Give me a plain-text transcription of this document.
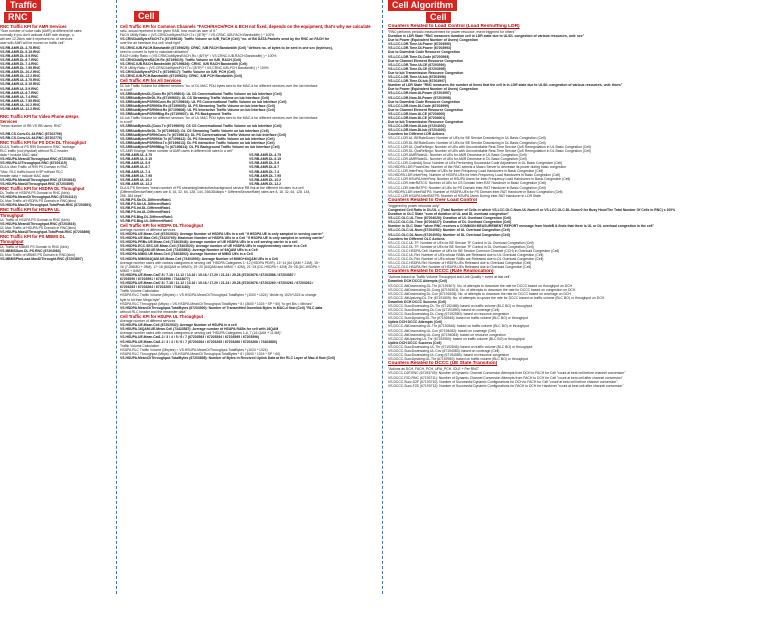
Traffic
RNC	Cell
Cell Algorithm
Cell
RNC Traffic KPI for AMR Services
"Sum number of voice calls (AMR) at different bit rates
normally if you don't activate AMR rate change, u
will see 12.2kb/s rate it represent no. of services
user with AMR will be moved on traffic cell"
VS.RB.AMR.DL.4.75.RNC
VS.RB.AMR.DL.5.15.RNC
VS.RB.AMR.DL.5.9.RNC
VS.RB.AMR.DL.6.7.RNC
VS.RB.AMR.DL.7.4.RNC
VS.RB.AMR.DL.7.95.RNC
VS.RB.AMR.DL.10.2.RNC
VS.RB.AMR.DL.12.2.RNC
VS.RB.AMR.UL.4.75.RNC
VS.RB.AMR.UL.5.15.RNC
VS.RB.AMR.UL.5.9.RNC
VS.RB.AMR.UL.6.7.RNC
VS.RB.AMR.UL.7.4.RNC
VS.RB.AMR.UL.7.95.RNC
VS.RB.AMR.UL.10.2.RNC
VS.RB.AMR.UL.12.2.RNC
RNC Traffic KPI for Video Phone &Hsps
Services
"mean number of RB VS.RB users: RNC"
VS.RB.CS.Conv.DL.64.RNC (67202796)
VS.RB.CS.Conv.UL.64.RNC (67202776)
RNC Traffic KPI for PS DCH DL Throughput
DL/UL Traffic of PS R99 Domain in RNC "average
RLC traffic (not physical) without RLC header
data + include MAC data"
VS.HSUPA.MeanUlThroughput.RNC (67203616)
VS.HSUPA.UlThroughput.RNC (67204115)
DL/UL Max Traffic of R99 PS Domain in RNC
"Max. RLC traffic found in 9P without RLC
header data + include MAC data"
VS.HSUPA.MeanUlThroughput.RNC (67203616)
VS.HSUPA.MaxUlThroughput.RNC (67203895)
RNC Traffic KPI for HSDPA DL Throughput
DL Traffic of HSDPA PS Domain in RNC (kb/s)
VS.HSDPA.MeanChThroughput.RNC (67204112)
DL Max Traffic of HSDPA PS Domain in RNC(kb/s)
VS.HSDPA.MaxChThroughput.TotalPeak.RNC (67203891)
RNC Traffic KPI for HSUPA UL
Throughput
UL Traffic of HSUPA PS Domain in RNC (kb/s)
VS.HSUPA.MeanUlThroughput.RNC (67203616)
UL Max Traffic of HSUPA PS Domain in RNC(kb/s)
VS.HSUPA.MaxUlThroughput.TotalPeak.RNC (67203896)
RNC Traffic KPI for PS MBMS DL
Throughput
DL Traffic of MBMS PS Domain in RNC (kb/s)
VS.MBMSSum.DL.PS.RNC (67204063)
DL Max Traffic of MBMS PS Domain in RNC(kb/s)
VS.MBMSPtmLoad.MaxDlThrought.RNC (67203897)
Cell Traffic KPI for Common Channels "FACH/RACH/PCH & BCH not fixed, depends on the equipment, that's why we calculate
ratio, actual represent in the given RAB, how much as user of it."
FACH Utility Ratio = (VS.CRNCIubBytesFACH.Tx / (8/Tf)*" / VS.CRNC.IUB.FACH.Bandwidth) ) * 100%
VS.CRNCIubBytesFACH.Tx (67199618): Traffic Volume on IUB_FACH (Cell) "no. of Bit DATA Packets send by the RNC on FACH for
over the air interface in a cell, shall right"
VS.CRNC.IUB.FACH.Bandwidth (67199625): CRNC_IUB FACH Bandwidth (Cell) "defines no. of bytes to be sent in one sec (byte/sec),
need to convert to byte to calculate utilization"
RACH Utility Ratio = (VS.CRNCIubBytesRACH.Rx / (8/Tf)*" / VS.CRNC.IUB.RACH.Bandwidth) ) * 100%
VS.CRNCIubBytesRACH.Rx (67199619): Traffic Volume on IUB_RACH (Cell)
VS.CRNC.IUB.RACH.Bandwidth (67199626): CRNC_IUB RACH Bandwidth (Cell)
PCH Utility Ratio = (VS.CRNCIubBytesPCH.Tx / (8/Tf)*" / VS.CRNC.IUB.PCH.Bandwidth) ) * 100%
VS.CRNCIubBytesPCH.Tx (67199617): Traffic Volume on IUB_PCH (Cell)
VS.CRNC.IUB.PCH.Bandwidth (67199624): CRNC_IUB PCH Bandwidth (Cell)
Cell Traffic KPI for All Services
DL Iub Traffic Volume for different services "no. of DL MAC PDU bytes sent to the MAC-d for different services over the Iub interface
in a cell"
VS.SRBIubBytesDL(Conv.Rx (67199601): UL CS Conversational Traffic Volume on Iub Interface (Cell)
VS.SRBIubBytesStrDL.Rx (67199602): UL CS Streaming Traffic Volume on Iub Interface (Cell)
VS.SRBIubBytesPSR99Conv.Rx (67199604): UL PS Conversational Traffic Volume on Iub Interface (Cell)
VS.SRBIubBytesPSR99Str.Rx (67199605): UL PS Streaming Traffic Volume on Iub Interface (Cell)
VS.SRBIubBytesPSR99Int.Rx (67199606): UL PS Interactive Traffic Volume on Iub Interface (Cell)
VS.SRBIubBytesPSR99Bkg.Rx (67199607): UL PS Background Traffic
UL Iub Traffic Volume for different services "no. of UL MAC PDU bytes sent to the MAC-d for different services over the Iub interface
in a cell"
VS.SRBIubBytesDL(Conv.Tx (67199609): CS CS Conversational Traffic Volume on Iub Interface (Cell)
VS.SRBIubBytesStrDL.Tx (67199610): DL CS Streaming Traffic Volume on Iub Interface (Cell)
VS.SRBIubBytesPSR99Conv.Tx (67199611): DL PS Conversational Traffic Volume on Iub Interface (Cell)
VS.SRBIubBytesPSR99Str.Tx (67199612): DL PS Streaming Traffic Volume on Iub Interface (Cell)
VS.SRBIubBytesPSR99Int.Tx (67199613): DL PS Interactive Traffic Volume on Iub Interface (Cell)
VS.SRBIubBytesPSR99Bkg.Tx (67199614): DL PS Background Traffic Volume on Iub Interface (Cell)
VS.AMR Erlangs "mean number of AMR users in different bit rates in a cell"
VS.RB.AMR.UL.4.75	VS.RB.AMR.DL.4.75
VS.RB.AMR.UL.5.15	VS.RB.AMR.DL.5.15
VS.RB.AMR.UL.5.9	VS.RB.AMR.DL.5.9
VS.RB.AMR.UL.6.7	VS.RB.AMR.DL.6.7
VS.RB.AMR.UL.7.4	VS.RB.AMR.DL.7.4
VS.RB.AMR.UL.7.95	VS.RB.AMR.DL.7.95
VS.RB.AMR.UL.10.2	VS.RB.AMR.DL.10.2
VS.RB.AMR.UL.12.2	VS.RB.AMR.DL.12.2
DL/UL PS Services "mean number of PS streaming/interactive/background service RB link at the different bit rates in a cell
(DifferentServiceRate) rates are 8, 16, 32, 64, 128, 144, 256/384kbps + DifferentServiceRate) rates are 8, 16, 32, 64, 128, 144,
256, 384 kbps"
VS.RB.PS.Str.DL.DifferentRate1
VS.RB.PS.Str.UL.DifferentRate1
VS.RB.PS.Int.DL.DifferentRate1
VS.RB.PS.Int.UL.DifferentRate1
VS.RB.PS.Bkg.DL.DifferentRate1
VS.RB.PS.Bkg.UL.DifferentRate1
Cell Traffic KPI for HSDPA DL Throughput
Average number of different services
VS.HSDPA.UE.Mean.Cell (67202932): Average Number of HSDPA UEs in a cell "if HSDPA UE is only sampled in serving carrier"
VS.HSDPA.UE.Max.Cell (73423769): Maximum Number of HSDPA UEs in a Cell "if HSDPA UE is only sampled in serving carrier"
VS.HSDPA.PRBs.UE.Mean.Cell (73403946): Average number of UE HSDPA UEs in a cell serving carrier in a cell
VS.HSDPA.ECC.SEC.UE.Mean.Cell (73403020): Average number of UE HSDPA UEs in supplementary carrier in a Cell
VS.HSDPA.64QAM.UE.Mean.Cell (73403981): Average Number of 64QAM UEs in a Cell
VS.HSDPA.MIMO.UE.Mean.Cell (73403892): Average Number of MIMO UEs in a Cell
VS.HSDPA.MIMO64QAM.UE.Mean.Cell (73403993): Average Number of MIMO+64QAM UEs in a Cell
Average number users with various categories in serving cell "HSDPA Categories 1~12 (HSDPA PE/IR), 13~14 (64 QAM + 21M), 15~
16 (7.2MIMO + 28M), 17~18 (64QAM or MIMO), 19~20 (64QAM and MIMO + 42M), 21~24 (DC-HSDPA + 42M) 25~28 (DC-HSDPA +
MIMO + 84M)"
VS.HSDPA.UE.Mean.Cat7.8 / 7.18 / 11.12 / 13.16 / 15.16 / 17.20 / 21.24 / 25.28 (67203676 / 67203586 / 67203587 /
67203590 / 67203591 / 67203596 / 73423677)
VS.HSDPA.UE.Mean.Cat7.8 / 7.18 / 11.12 / 13.16 / 15.16 / 17.20 / 21.24 / 25.28 (67203676 / 67203260 / 67203261 / 67203262 /
67203263 / 67203264 / 67203265 / 73401180)
Traffic Volume Calculation
HSDPA RLC Traffic Volume (Mbytes) = VS.HSDPA.MeanChThroughput.TotalBytes * (1000 * 1024) "divide by 1024*1024 to change
byte to bit then Mega byte"
HSDPA RLC Throughput (Mbps) = VS.HSDPA.MeanChThroughput.TotalBytes * 8 / (3600 * 1024 * SP * 60) "to get B/s = Mb/sec"
VS.HSDPA.MeanChThroughput.TotalBytes (67203900): Number of Transmitted Downlink Bytes in MAC-d flow (Cell) "RLC data
without RLC header and the retransfer data"
Cell Traffic KPI for HSUPA UL Throughput
Average number of different services
VS.HSUPA.UE.Mean.Cell (67202932): Average Number of HSUPA in a cell
VS.HSUPA.16QAM.UE.Mean.Cell (73423587): Average number of HSUPA RABs for cell with 16QAM
Average number users with various categories in serving cell "HSUPA Categories 1-6, 7 (16-QAM + 11.5M)"
VS.HSUPA.UE.Mean.Cat1.2 / 3 / 4 / 5 / 6 / 7 (67203593 / 67203594 / 67203595 / 67203596)
VS.HSUPA.UE.Mean.Cat1.2 / 3 / 4 / 5 / 6 / 7 (67203264 / 67203265 / 67203266 / 67203268 / 73403880)
Traffic Volume Calculation
HSUPA RLC Traffic Volume (Mbytes) = VS.HSUPA.MeanChThroughput.TotalBytes * (1024 * 1024)
HSUPA RLC Throughput (Mbps) = VS.HSUPA.MeanChThroughput.TotalBytes * 8 / (3600 * 1024 * SP * 60)
VS.HSUPA.MeanChThroughput.TotalBytes (67203898): Number of Bytes in Received Uplink Data at the RLC Layer of Mac-d flow (Cell)
Counters Related to Load Control (Load Reshuffling LDR)
"RNC performs periodic measurement for power resource, event triggered for others"
Duration in LDR State "RNC measures duration cell in LDR state due to UL/DL congestion of various resources, unit: sec"
Due to Power (Equivalent Number of Users) Congestion
VS.LCC.LDR.Time.ULPower (67203990)
VS.LCC.LDR.Time.DLPower (67203993)
Due to Downlink Code Resource Congestion
VS.LCC.LDR.Time.DLCode (67203993)
Due to Channel Element Resource Congestion
VS.LCC.LDR.Time.ULCE (67203994)
VS.LCC.LDR.Time.DLCE (67203995)
Due to Iub Transmission Resource Congestion
VS.LCC.LDR.Time.ULIub (67203996)
VS.LCC.LDR.Time.DLIub (67203997)
Number of LDR State "RNC measures the number of times that the cell is in LDR state due to UL/DL congestion of various resources, unit: times"
Due to Power (Equivalent Number of Users) Congestion
VS.LCC.LDR.Num.ULPower (67203997)
VS.LCC.LDR.Num.DLPower (67203998)
Due to Downlink Code Resource Congestion
VS.LCC.LDR.Num.DLCode (67203999)
Due to Channel Element Resource Congestion
VS.LCC.LDR.Num.ULCE (67204000)
VS.LCC.LDR.Num.DLCE (67204001)
Due to Iub Transmission Resource Congestion
VS.LCC.LDR.Num.ULIub (67204002)
VS.LCC.LDR.Num.DLIub (67204003)
Counters for Different LDR Actions
VS.LCC.LDR.UL.BERateDown: Number of UEs for BE Service Downsizing in UL Basic Congestion (Cell)
VS.LCC.LDR.DL.BERateDown: Number of UEs for BE Service Downsizing in DL Basic Congestion (Cell)
VS.LCC.LDR.UL.QosReNego: Number of UEs with Uncontrollable Real-Time Service QoS Renegotiation in UL Basic Congestion (Cell)
VS.LCC.LDR.DL.QosReNego: Number of UEs with Uncontrollable Real-Time Service QoS Renegotiation in DL Basic Congestion (Cell)
VS.LCC.LDR.AMRRateUL: Number of UEs for AMR Decrease in UL Basic Congestion (Cell)
VS.LCC.LDR.AMRRateDL: Number of UEs for AMR Decrease in DL Basic Congestion (Cell)
VS.LCC.LDR.CodeAdj.Succ: Number of UEs Performing Successful Code Adjustment in DL Basic Congestion (Cell)
VS.HSDPA.LDR.PowerDec: Number of the RNC selects a Macro Server to decrease its power during basic congestion
VS.LCC.LDR.InterFreq: Number of UEs for Inter-Frequency Load Handovers in Basic Congestion (Cell)
VS.HSDPA.LDR.InterFreq: Number of HSDPA UEs for Inter-Frequency Load Handovers in Basic Congestion (Cell)
VS.LCC.LDR.HSUPA.InterFreq: Number of HSUPA Users for Inter-Frequency Load Handovers in Basic Congestion (Cell)
VS.LCC.LDR.InterRATCS: Number of UEs for CS Domain Inter-RAT Handover in Basic Congestion (Cell)
VS.LCC.LDR.InterRATPS: Number of UEs for PS Domain Inter-RAT Handover in Basic Congestion (Cell)
VS.HSDPA.LDR.InterRATPS: Number of HSDPA UEs for PS Domain Inter-RAT Handover in Basic Congestion (Cell)
VS.LCC.LDR.HSUPA.InterRATPS: Number of HSUPA Users During Inter-RAT Handover in LDR State
Counters Related to Over Load Control
"triggered by power resource only"
Congested Cell Ratio in DL/UL = (Total Number of Cells in which VS.LCC.OLC.Num.UL.Num>0 or VS.LCC.OLC.DL.Num>0 for Busy Hour/The Total Number Of Cells in RNC) x 100%
Duration in OLC State "sum of duration of UL and DL overload congestion"
VS.LCC.OLC.UL.Time (67204026): Duration of UL Overload Congestion (Cell)
VS.LCC.OLC.DL.Time (67204027): Duration of DL Overload Congestion (Cell)
Number in OLC State "when RNC receives a COMMON MEASUREMENT REPORT message from NodeB & finds that there is UL or DL overload congestion in the cell"
VS.LCC.OLC.UL.Num (67204052): Number of UL Overload Congestion (Cell)
VS.LCC.OLC.DL.Num (67204053): Number of DL Overload Congestion (Cell)
Counters for Different OLC Actions
VS.LCC.OLC.UL.TF: Number of UEs for BE Service TF Control in UL Overload Congestion (Cell)
VS.LCC.OLC.DL.TF: Number of UEs for BE Service TF Control in DL Overload Congestion (Cell)
VS.LCC.OLC.HSDPA.Cell: Number of UEs for BE Service Common Channel (CCH) in Overload Congestion (Cell)
VS.LCC.OLC.UL.Rel: Number of UEs whose RABs are Released due to UL Overload Congestion (Cell)
VS.LCC.OLC.DL.Rel: Number of UEs whose RABs are Released due to DL Overload Congestion (Cell)
VS.LCC.OLC.HSDPA.Rel: Number of HSDPA UEs Released due to Overload Congestion (Cell)
VS.LCC.OLC.HSUPA.Rel: Number of HSUPA UEs Released due to Overload Congestion (Cell)
Counters Related to DCCC (Rate Reallocation)
"Actions based on Traffic Volume Throughput and Link Quality + event at last cell"
Downlink DCH DCCC Attempts (Cell)
VS.DCCC.AttDownsizing.DL.Thr (67191507): No. of attempts to downsize the rate for DCCC based on throughput on DCH
VS.DCCC.AttDownsizing.DL.Cong (67191501): No. of attempts to downsize the rate for DCCC based on congestion on DCH
VS.DCCC.AttDownsizing.DL.Cov (67191508): No. of attempts to downsize the rate for DCCC based on coverage on DCH
VS.DCCC.AttUpsizing.DL.Thr (67191509): No. of attempts to upsize the rate for DCCC based on traffic volume (BLC BO) or throughput on DCH
Downlink DCH DCCC Success (Cell)
VS.DCCC.SuccDownsizing.DL.Thr (67192486): based on traffic volume (BLC BO) or throughput
VS.DCCC.SuccDownsizing.DL.Cov (67191890): based on coverage (Cell)
VS.DCCC.SuccDownsizing.DL.Cong (67192950): based on resource congestion
VS.DCCC.SuccUpsizing.DL.Thr (67192846): based on traffic volume (BLC BO) or throughput
Uplink DCH DCCC Attempts (Cell)
VS.DCCC.AttDownsizing.UL.Thr (67192846): based on traffic volume (BLC BO) or throughput
VS.DCCC.AttDownsizing.UL.Cov (67194082): based on coverage (Cell)
VS.DCCC.AttDownsizing.UL.Cong (67194084): based on resource congestion
VS.DCCC.AttUpsizing.UL.Thr (67192950): based on traffic volume (BLC BO) or throughput
Uplink DCH DCCC Success (Cell)
VS.DCCC.SuccDownsizing.UL.Thr (67192846): based on traffic volume (BLC BO) or throughput
VS.DCCC.SuccDownsizing.UL.Cov (67194083): based on coverage (Cell)
VS.DCCC.SuccDownsizing.UL.Cong (67194085): based on resource congestion
VS.DCCC.SuccUpsizing.UL.Thr (67192950): based on traffic volume (BLC BO) or throughput
Counters Related to DCCC (UE State Transition)
"Actions as DCH, FACH, PCH, URA_PCH, IDLE + Per RNC"
VS.DCCC.D2F.RNC (67193709): Number of Dynamic Channel Conversion Attempts from DCH to FACH for Cell "count at best cell before channel conversion"
VS.DCCC.F2D.RNC (67193711): Number of Dynamic Channel Conversion Attempts from FACH to DCH for Cell "count at best cell after channel conversion"
VS.DCCC.Succ.D2F (67193710): Number of Successful Dynamic Configurations for DCH to FACH for Cell "count at best cell before channel conversion"
VS.DCCC.Succ.F2D (67193712): Number of Successful Dynamic Configurations for FACH to DCH for Handover "count at best cell after channel conversion"
